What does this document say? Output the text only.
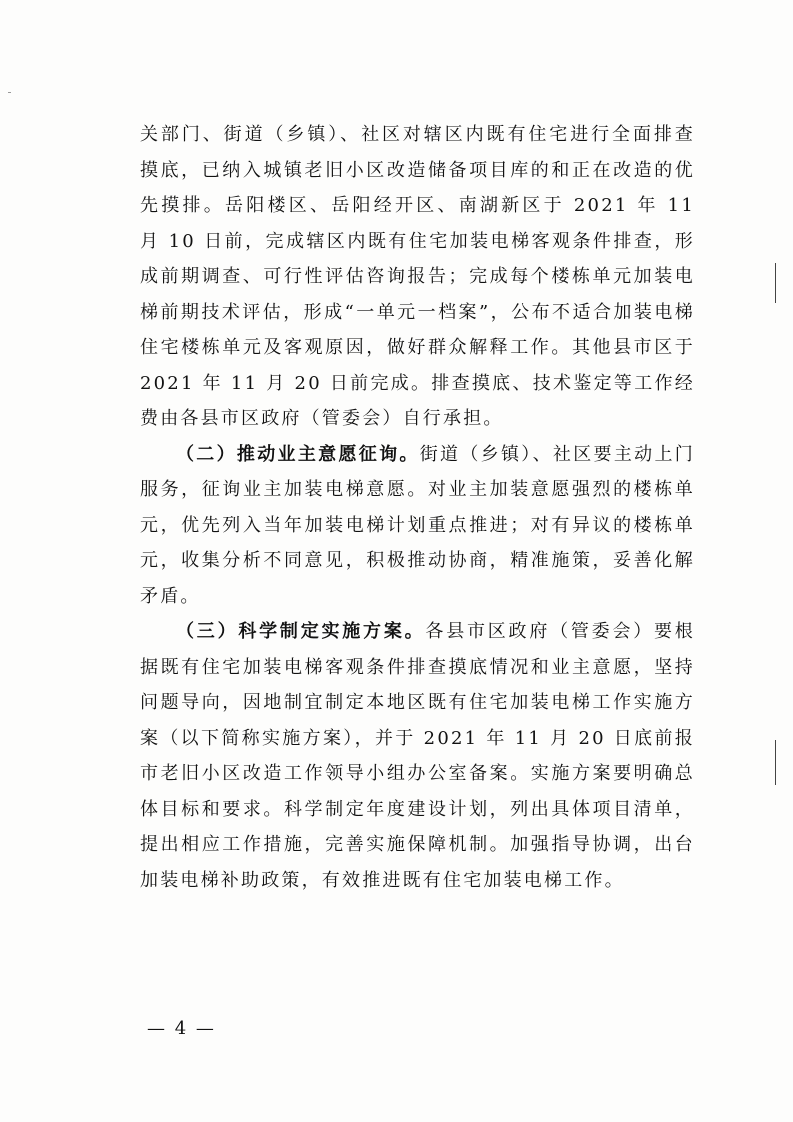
关部门、街道（乡镇）、社区对辖区内既有住宅进行全面排查摸底，已纳入城镇老旧小区改造储备项目库的和正在改造的优先摸排。岳阳楼区、岳阳经开区、南湖新区于 2021 年 11 月 10 日前，完成辖区内既有住宅加装电梯客观条件排查，形成前期调查、可行性评估咨询报告；完成每个楼栋单元加装电梯前期技术评估，形成“一单元一档案”，公布不适合加装电梯住宅楼栋单元及客观原因，做好群众解释工作。其他县市区于 2021 年 11 月 20 日前完成。排查摸底、技术鉴定等工作经费由各县市区政府（管委会）自行承担。

（二）推动业主意愿征询。街道（乡镇）、社区要主动上门服务，征询业主加装电梯意愿。对业主加装意愿强烈的楼栋单元，优先列入当年加装电梯计划重点推进；对有异议的楼栋单元，收集分析不同意见，积极推动协商，精准施策，妥善化解矛盾。

（三）科学制定实施方案。各县市区政府（管委会）要根据既有住宅加装电梯客观条件排查摸底情况和业主意愿，坚持问题导向，因地制宜制定本地区既有住宅加装电梯工作实施方案（以下简称实施方案），并于 2021 年 11 月 20 日底前报市老旧小区改造工作领导小组办公室备案。实施方案要明确总体目标和要求。科学制定年度建设计划，列出具体项目清单，提出相应工作措施，完善实施保障机制。加强指导协调，出台加装电梯补助政策，有效推进既有住宅加装电梯工作。

— 4 —
